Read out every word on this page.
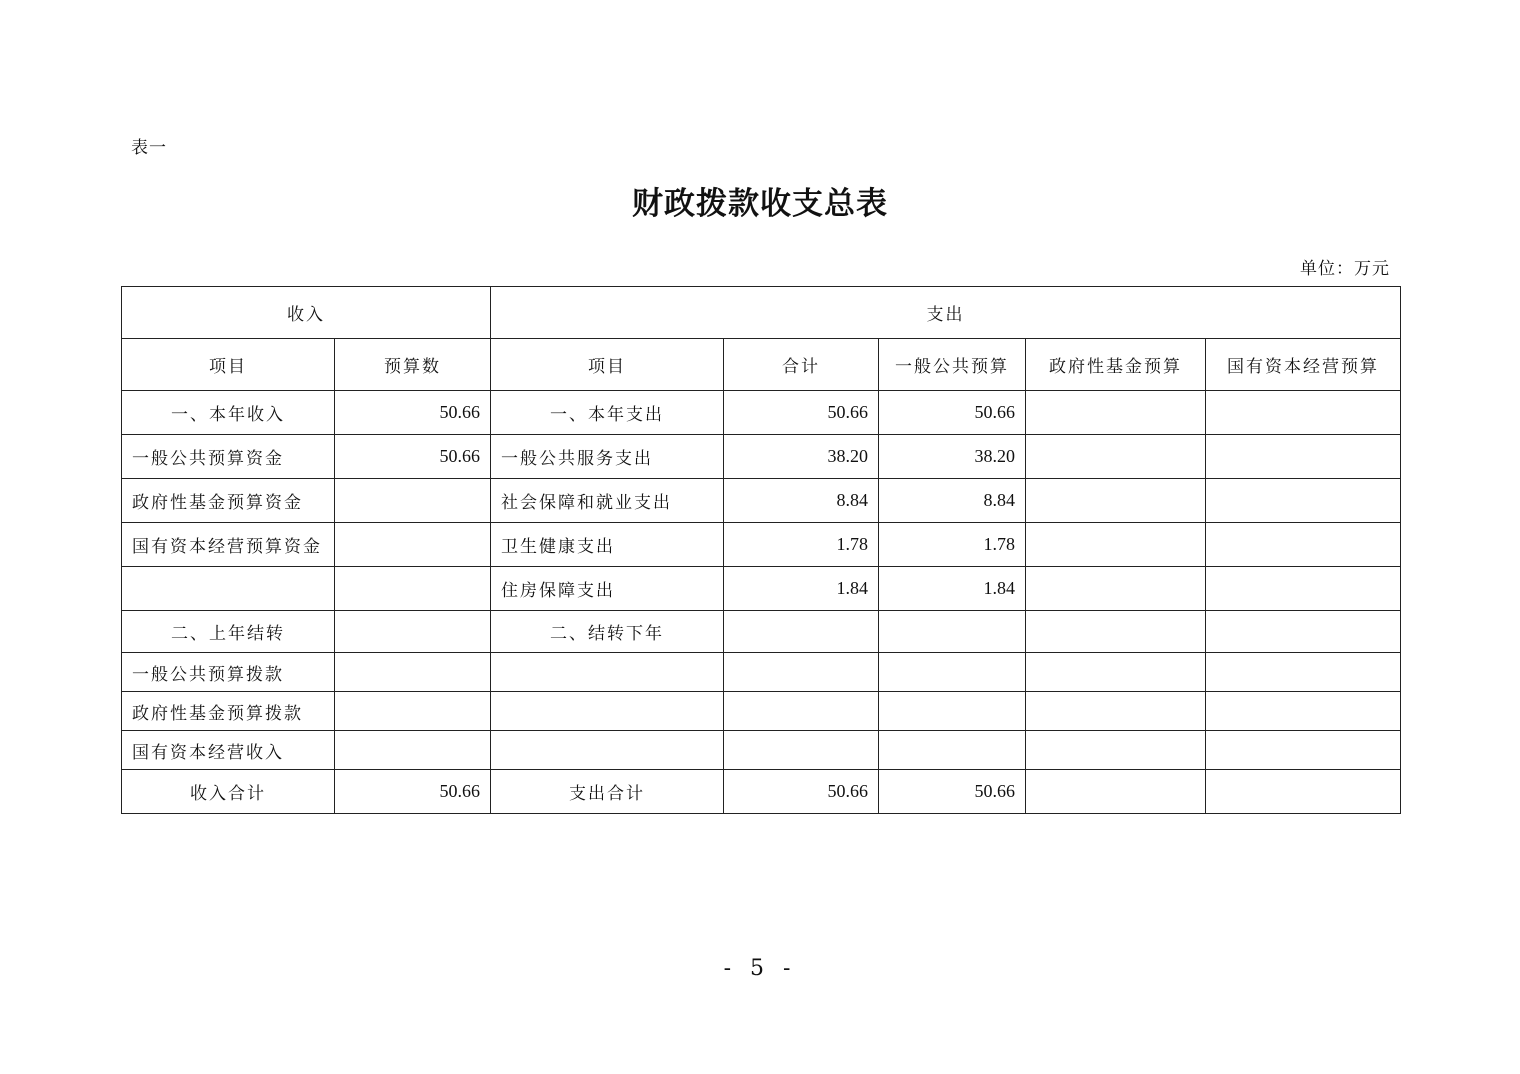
表一
财政拨款收支总表
单位：万元
收入		支出				
项目	预算数	项目	合计	一般公共预算	政府性基金预算	国有资本经营预算
一、本年收入	50.66	一、本年支出	50.66	50.66		
一般公共预算资金	50.66	一般公共服务支出	38.20	38.20		
政府性基金预算资金		社会保障和就业支出	8.84	8.84		
国有资本经营预算资金		卫生健康支出	1.78	1.78		
		住房保障支出	1.84	1.84		
二、上年结转		二、结转下年				
一般公共预算拨款						
政府性基金预算拨款						
国有资本经营收入						
收入合计	50.66	支出合计	50.66	50.66		
- 5 -
